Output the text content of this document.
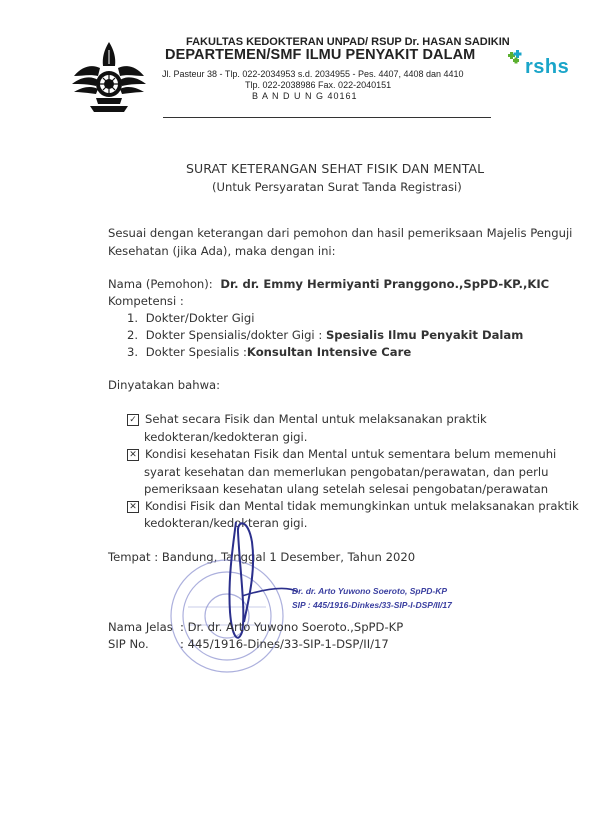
FAKULTAS KEDOKTERAN UNPAD/ RSUP Dr. HASAN SADIKIN
DEPARTEMEN/SMF ILMU PENYAKIT DALAM
Jl. Pasteur 38 - Tlp. 022-2034953 s.d. 2034955 - Pes. 4407, 4408 dan 4410
Tlp. 022-2038986 Fax. 022-2040151
B A N D U N G 40161
rshs
SURAT KETERANGAN SEHAT FISIK DAN MENTAL
(Untuk Persyaratan Surat Tanda Registrasi)
Sesuai dengan keterangan dari pemohon dan hasil pemeriksaan Majelis Penguji
Kesehatan (jika Ada), maka dengan ini:
Nama (Pemohon): Dr. dr. Emmy Hermiyanti Pranggono.,SpPD-KP.,KIC
Kompetensi :
1. Dokter/Dokter Gigi
2. Dokter Spensialis/dokter Gigi : Spesialis Ilmu Penyakit Dalam
3. Dokter Spesialis :Konsultan Intensive Care
Dinyatakan bahwa:
✓ Sehat secara Fisik dan Mental untuk melaksanakan praktik
kedokteran/kedokteran gigi.
✕ Kondisi kesehatan Fisik dan Mental untuk sementara belum memenuhi
syarat kesehatan dan memerlukan pengobatan/perawatan, dan perlu
pemeriksaan kesehatan ulang setelah selesai pengobatan/perawatan
✕ Kondisi Fisik dan Mental tidak memungkinkan untuk melaksanakan praktik
kedokteran/kedokteran gigi.
Tempat : Bandung, Tanggal 1 Desember, Tahun 2020
Dr. dr. Arto Yuwono Soeroto, SpPD-KP
SIP : 445/1916-Dinkes/33-SIP-I-DSP/II/17
Nama Jelas : Dr. dr. Arto Yuwono Soeroto.,SpPD-KP
SIP No.	: 445/1916-Dines/33-SIP-1-DSP/II/17
